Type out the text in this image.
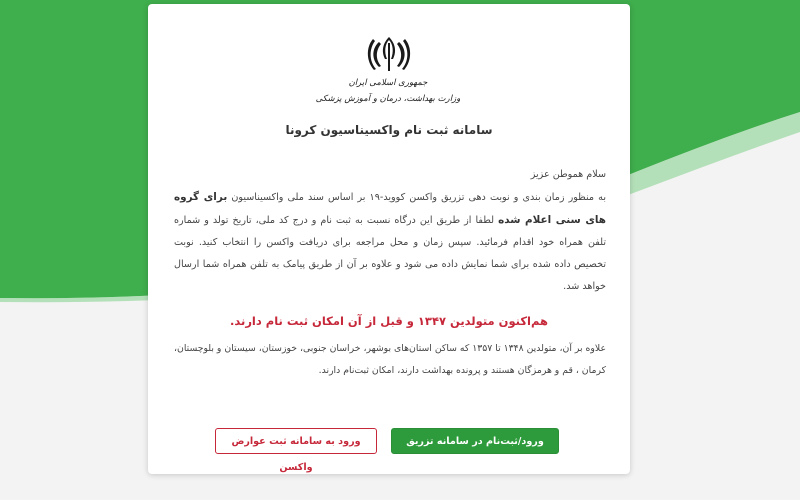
جمهوری اسلامی ایران
وزارت بهداشت، درمان و آموزش پزشکی
سامانه ثبت نام واکسیناسیون کرونا
سلام هموطن عزیز
به منظور زمان بندی و نوبت دهی تزریق واکسن کووید-۱۹ بر اساس سند ملی واکسیناسیون برای گروه های سنی اعلام شده لطفا از طریق این درگاه نسبت به ثبت نام و درج کد ملی، تاریخ تولد و شماره تلفن همراه خود اقدام فرمائید. سپس زمان و محل مراجعه برای دریافت واکسن را انتخاب کنید. نوبت تخصیص داده شده برای شما نمایش داده می شود و علاوه بر آن از طریق پیامک به تلفن همراه شما ارسال خواهد شد.
هم‌اکنون متولدین ۱۳۴۷ و قبل از آن امکان ثبت نام دارند.
علاوه بر آن، متولدین ۱۳۴۸ تا ۱۳۵۷ که ساکن استان‌های بوشهر، خراسان جنوبی، خوزستان، سیستان و بلوچستان، کرمان ، قم و هرمزگان هستند و پرونده بهداشت دارند، امکان ثبت‌نام دارند.
ورود/ثبت‌نام در سامانه تزریق واکسن
ورود به سامانه ثبت عوارض واکسن
